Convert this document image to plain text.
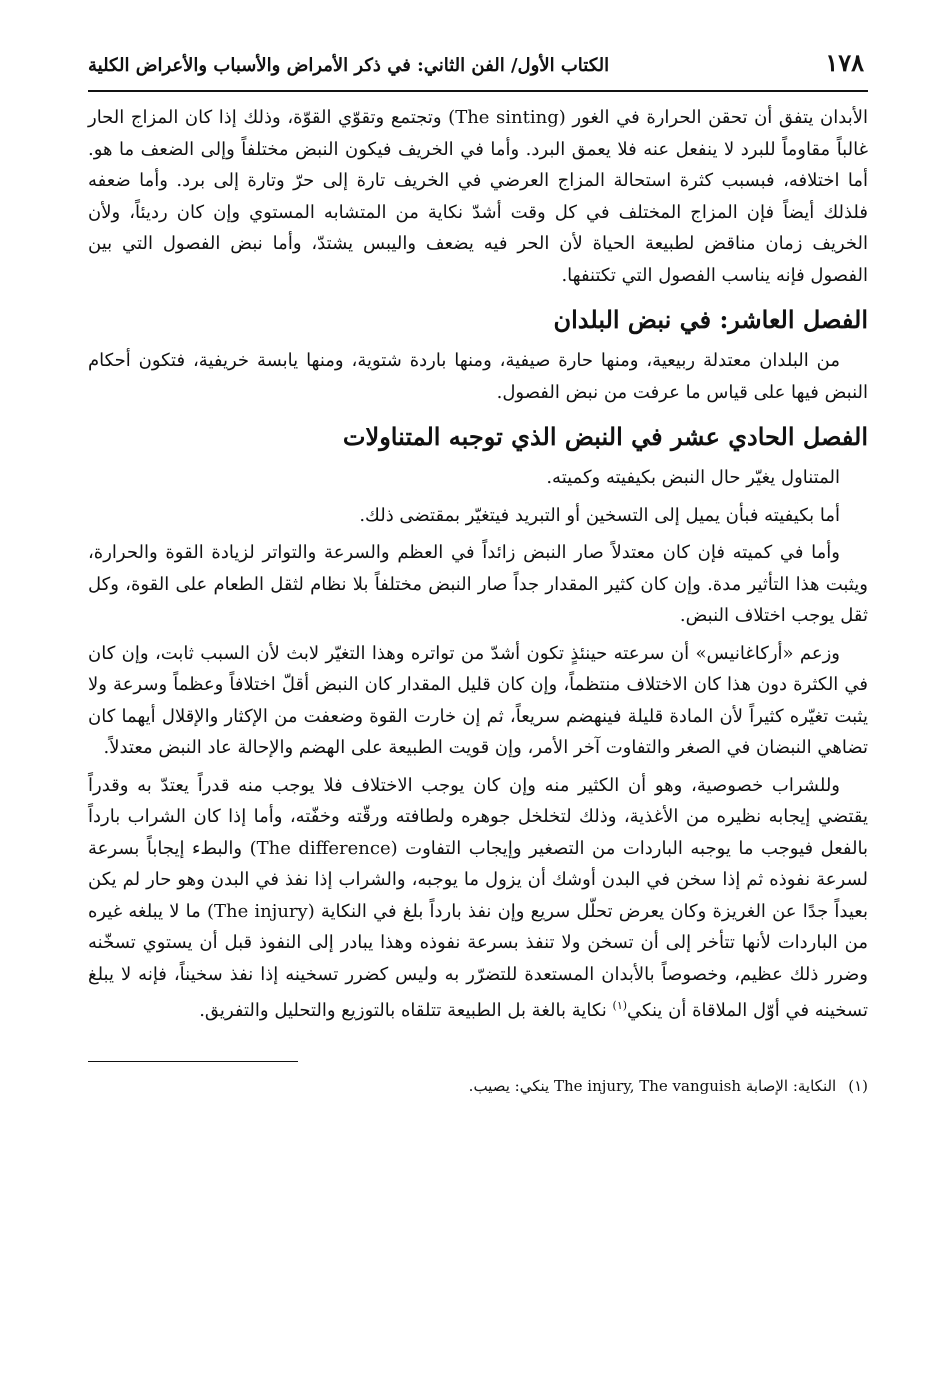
١٧٨
الكتاب الأول/ الفن الثاني: في ذكر الأمراض والأسباب والأعراض الكلية

الأبدان يتفق أن تحقن الحرارة في الغور (The sinting) وتجتمع وتقوّي القوّة، وذلك إذا كان المزاج الحار غالباً مقاوماً للبرد لا ينفعل عنه فلا يعمق البرد. وأما في الخريف فيكون النبض مختلفاً وإلى الضعف ما هو. أما اختلافه، فبسبب كثرة استحالة المزاج العرضي في الخريف تارة إلى حرّ وتارة إلى برد. وأما ضعفه فلذلك أيضاً فإن المزاج المختلف في كل وقت أشدّ نكاية من المتشابه المستوي وإن كان رديئاً، ولأن الخريف زمان مناقض لطبيعة الحياة لأن الحر فيه يضعف واليبس يشتدّ، وأما نبض الفصول التي بين الفصول فإنه يناسب الفصول التي تكتنفها.

الفصل العاشر: في نبض البلدان

من البلدان معتدلة ربيعية، ومنها حارة صيفية، ومنها باردة شتوية، ومنها يابسة خريفية، فتكون أحكام النبض فيها على قياس ما عرفت من نبض الفصول.

الفصل الحادي عشر في النبض الذي توجبه المتناولات

المتناول يغيّر حال النبض بكيفيته وكميته.

أما بكيفيته فبأن يميل إلى التسخين أو التبريد فيتغيّر بمقتضى ذلك.

وأما في كميته فإن كان معتدلاً صار النبض زائداً في العظم والسرعة والتواتر لزيادة القوة والحرارة، ويثبت هذا التأثير مدة. وإن كان كثير المقدار جداً صار النبض مختلفاً بلا نظام لثقل الطعام على القوة، وكل ثقل يوجب اختلاف النبض.

وزعم «أركاغانيس» أن سرعته حينئذٍ تكون أشدّ من تواتره وهذا التغيّر لابث لأن السبب ثابت، وإن كان في الكثرة دون هذا كان الاختلاف منتظماً، وإن كان قليل المقدار كان النبض أقلّ اختلافاً وعظماً وسرعة ولا يثبت تغيّره كثيراً لأن المادة قليلة فينهضم سريعاً، ثم إن خارت القوة وضعفت من الإكثار والإقلال أيهما كان تضاهي النبضان في الصغر والتفاوت آخر الأمر، وإن قويت الطبيعة على الهضم والإحالة عاد النبض معتدلاً.

وللشراب خصوصية، وهو أن الكثير منه وإن كان يوجب الاختلاف فلا يوجب منه قدراً يعتدّ به وقدراً يقتضي إيجابه نظيره من الأغذية، وذلك لتخلخل جوهره ولطافته ورقّته وخفّته، وأما إذا كان الشراب بارداً بالفعل فيوجب ما يوجبه الباردات من التصغير وإيجاب التفاوت (The difference) والبطء إيجاباً بسرعة لسرعة نفوذه ثم إذا سخن في البدن أوشك أن يزول ما يوجبه، والشراب إذا نفذ في البدن وهو حار لم يكن بعيداً جدًا عن الغريزة وكان يعرض تحلّل سريع وإن نفذ بارداً بلغ في النكاية (The injury) ما لا يبلغه غيره من الباردات لأنها تتأخر إلى أن تسخن ولا تنفذ بسرعة نفوذه وهذا يبادر إلى النفوذ قبل أن يستوي تسخّنه وضرر ذلك عظيم، وخصوصاً بالأبدان المستعدة للتضرّر به وليس كضرر تسخينه إذا نفذ سخيناً، فإنه لا يبلغ تسخينه في أوّل الملاقاة أن ينكي$^{(١)}$ نكاية بالغة بل الطبيعة تتلقاه بالتوزيع والتحليل والتفريق.

(١)النكاية: الإصابة The injury, The vanguish ينكي: يصيب.
